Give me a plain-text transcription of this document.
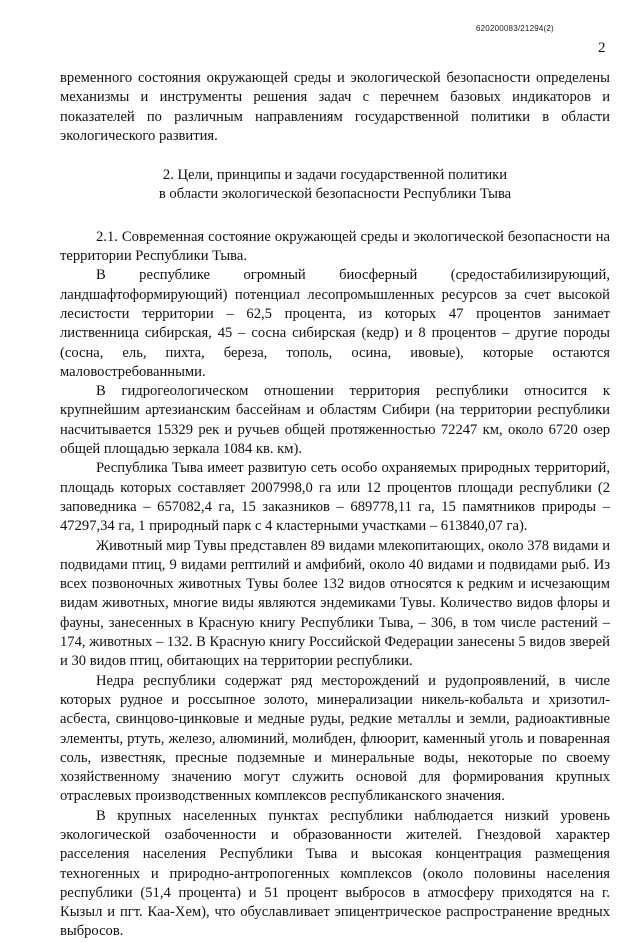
620200083/21294(2)
2

временного состояния окружающей среды и экологической безопасности определены механизмы и инструменты решения задач с перечнем базовых индикаторов и показателей по различным направлениям государственной политики в области экологического развития.

2. Цели, принципы и задачи государственной политики
в области экологической безопасности Республики Тыва

2.1. Современная состояние окружающей среды и экологической безопасности на территории Республики Тыва.

В республике огромный биосферный (средостабилизирующий, ландшафтоформирующий) потенциал лесопромышленных ресурсов за счет высокой лесистости территории – 62,5 процента, из которых 47 процентов занимает лиственница сибирская, 45 – сосна сибирская (кедр) и 8 процентов – другие породы (сосна, ель, пихта, береза, тополь, осина, ивовые), которые остаются маловостребованными.

В гидрогеологическом отношении территория республики относится к крупнейшим артезианским бассейнам и областям Сибири (на территории республики насчитывается 15329 рек и ручьев общей протяженностью 72247 км, около 6720 озер общей площадью зеркала 1084 кв. км).

Республика Тыва имеет развитую сеть особо охраняемых природных территорий, площадь которых составляет 2007998,0 га или 12 процентов площади республики (2 заповедника – 657082,4 га, 15 заказников – 689778,11 га, 15 памятников природы – 47297,34 га, 1 природный парк с 4 кластерными участками – 613840,07 га).

Животный мир Тувы представлен 89 видами млекопитающих, около 378 видами и подвидами птиц, 9 видами рептилий и амфибий, около 40 видами и подвидами рыб. Из всех позвоночных животных Тувы более 132 видов относятся к редким и исчезающим видам животных, многие виды являются эндемиками Тувы. Количество видов флоры и фауны, занесенных в Красную книгу Республики Тыва, – 306, в том числе растений – 174, животных – 132. В Красную книгу Российской Федерации занесены 5 видов зверей и 30 видов птиц, обитающих на территории республики.

Недра республики содержат ряд месторождений и рудопроявлений, в числе которых рудное и россыпное золото, минерализации никель-кобальта и хризотил-асбеста, свинцово-цинковые и медные руды, редкие металлы и земли, радиоактивные элементы, ртуть, железо, алюминий, молибден, флюорит, каменный уголь и поваренная соль, известняк, пресные подземные и минеральные воды, некоторые по своему хозяйственному значению могут служить основой для формирования крупных отраслевых производственных комплексов республиканского значения.

В крупных населенных пунктах республики наблюдается низкий уровень экологической озабоченности и образованности жителей. Гнездовой характер расселения населения Республики Тыва и высокая концентрация размещения техногенных и природно-антропогенных комплексов (около половины населения республики (51,4 процента) и 51 процент выбросов в атмосферу приходятся на г. Кызыл и пгт. Каа-Хем), что обуславливает эпицентрическое распространение вредных выбросов.
